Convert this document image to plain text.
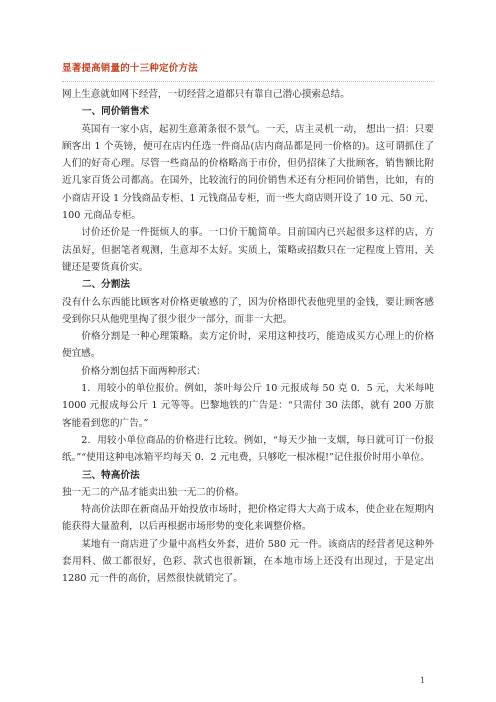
显著提高销量的十三种定价方法

网上生意就如网下经营，一切经营之道都只有靠自己潜心摸索总结。

一、同价销售术

英国有一家小店，起初生意萧条很不景气。一天，店主灵机一动， 想出一招：只要顾客出 1 个英镑，便可在店内任选一件商品(店内商品都是同一价格的)。这可谓抓住了人们的好奇心理。尽管一些商品的价格略高于市价，但仍招徕了大批顾客，销售额比附近几家百货公司都高。在国外，比较流行的同价销售术还有分柜同价销售，比如，有的小商店开设 1 分钱商品专柜、1 元钱商品专柜，而一些大商店则开设了 10 元、50 元、100 元商品专柜。

讨价还价是一件挺烦人的事。一口价干脆简单。目前国内已兴起很多这样的店，方法虽好，但据笔者观测，生意却不太好。实质上，策略或招数只在一定程度上管用，关键还是要货真价实。

二、分割法

没有什么东西能比顾客对价格更敏感的了，因为价格即代表他兜里的金钱，要让顾客感受到你只从他兜里掏了很少很少一部分，而非一大把。

价格分割是一种心理策略。卖方定价时，采用这种技巧，能造成买方心理上的价格便宜感。

价格分割包括下面两种形式：

1．用较小的单位报价。例如，茶叶每公斤 10 元报成每 50 克 0．5 元，大米每吨 1000 元报成每公斤 1 元等等。巴黎地铁的广告是：“只需付 30 法郎，就有 200 万旅客能看到您的广告。”

2．用较小单位商品的价格进行比较。例如，“每天少抽一支烟，每日就可订一份报纸。”“使用这种电冰箱平均每天 0．2 元电费，只够吃一根冰棍!”记住报价时用小单位。

三、特高价法

独一无二的产品才能卖出独一无二的价格。

特高价法即在新商品开始投放市场时，把价格定得大大高于成本，使企业在短期内能获得大量盈利，以后再根据市场形势的变化来调整价格。

某地有一商店进了少量中高档女外套，进价 580 元一件。该商店的经营者见这种外套用料、做工都很好，色彩、款式也很新颖，在本地市场上还没有出现过，于是定出 1280 元一件的高价，居然很快就销完了。

1
